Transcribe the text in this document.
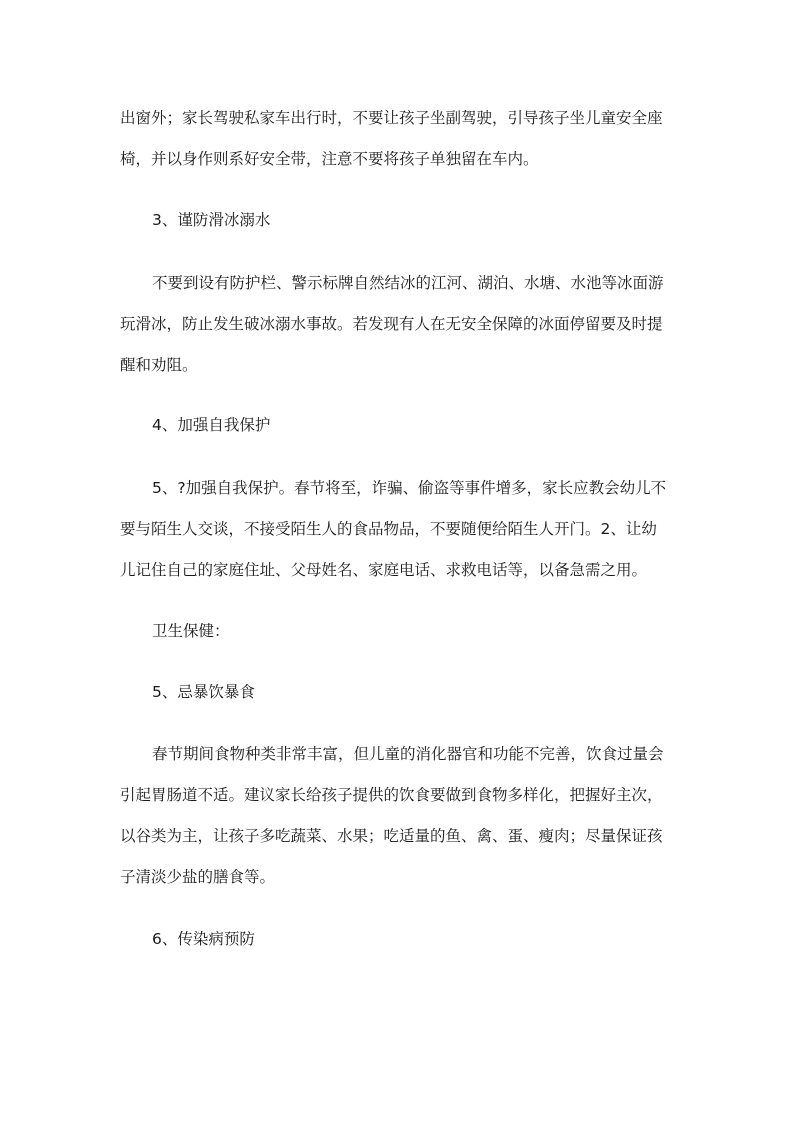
出窗外；家长驾驶私家车出行时，不要让孩子坐副驾驶，引导孩子坐儿童安全座
椅，并以身作则系好安全带，注意不要将孩子单独留在车内。
3、谨防滑冰溺水
不要到设有防护栏、警示标牌自然结冰的江河、湖泊、水塘、水池等冰面游
玩滑冰，防止发生破冰溺水事故。若发现有人在无安全保障的冰面停留要及时提
醒和劝阻。
4、加强自我保护
5、?加强自我保护。春节将至，诈骗、偷盗等事件增多，家长应教会幼儿不
要与陌生人交谈，不接受陌生人的食品物品，不要随便给陌生人开门。2、让幼
儿记住自己的家庭住址、父母姓名、家庭电话、求救电话等，以备急需之用。
卫生保健：
5、忌暴饮暴食
春节期间食物种类非常丰富，但儿童的消化器官和功能不完善，饮食过量会
引起胃肠道不适。建议家长给孩子提供的饮食要做到食物多样化，把握好主次，
以谷类为主，让孩子多吃蔬菜、水果；吃适量的鱼、禽、蛋、瘦肉；尽量保证孩
子清淡少盐的膳食等。
6、传染病预防
